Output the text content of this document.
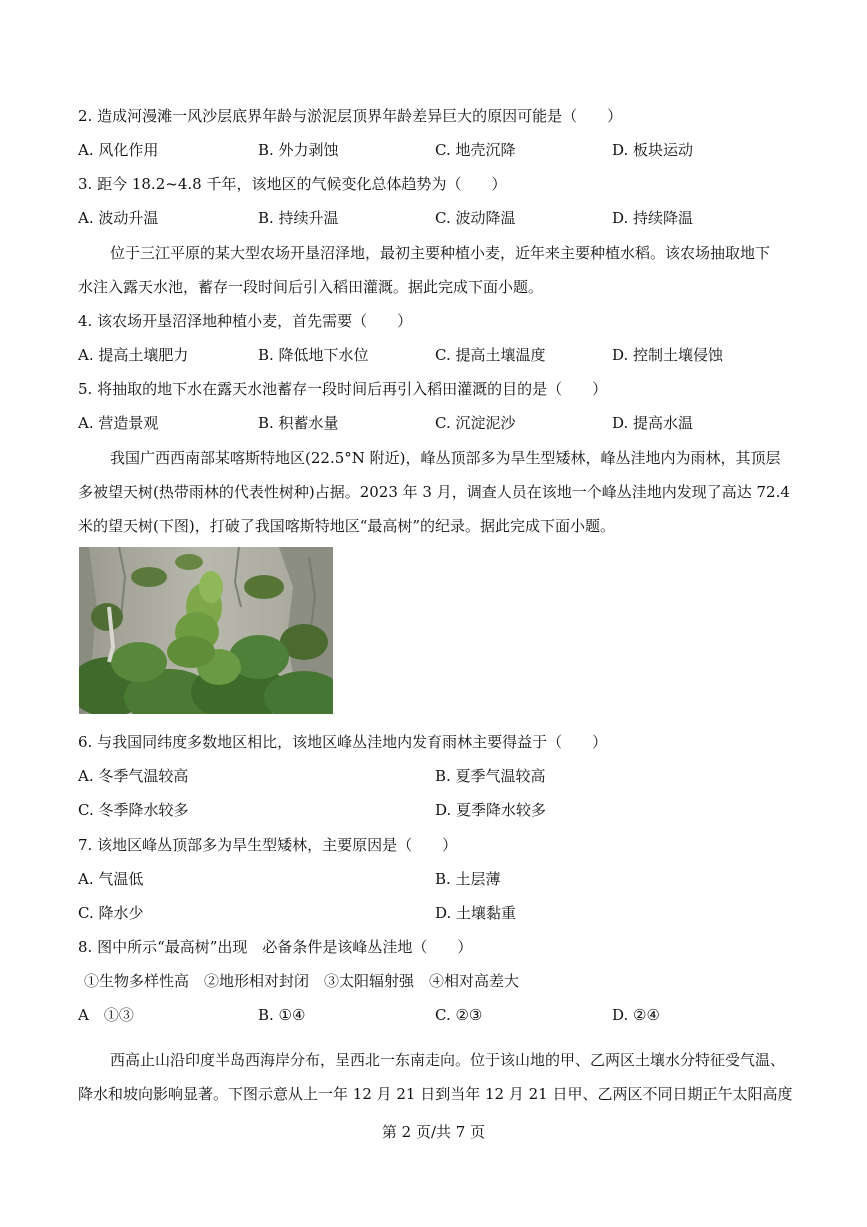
2. 造成河漫滩一风沙层底界年龄与淤泥层顶界年龄差异巨大的原因可能是（　　）
A. 风化作用	B. 外力剥蚀	C. 地壳沉降	D. 板块运动
3. 距今 18.2~4.8 千年，该地区的气候变化总体趋势为（　　）
A. 波动升温	B. 持续升温	C. 波动降温	D. 持续降温
位于三江平原的某大型农场开垦沼泽地，最初主要种植小麦，近年来主要种植水稻。该农场抽取地下
水注入露天水池，蓄存一段时间后引入稻田灌溉。据此完成下面小题。
4. 该农场开垦沼泽地种植小麦，首先需要（　　）
A. 提高土壤肥力	B. 降低地下水位	C. 提高土壤温度	D. 控制土壤侵蚀
5. 将抽取的地下水在露天水池蓄存一段时间后再引入稻田灌溉的目的是（　　）
A. 营造景观	B. 积蓄水量	C. 沉淀泥沙	D. 提高水温
我国广西西南部某喀斯特地区(22.5°N 附近)，峰丛顶部多为旱生型矮林，峰丛洼地内为雨林，其顶层
多被望天树(热带雨林的代表性树种)占据。2023 年 3 月，调查人员在该地一个峰丛洼地内发现了高达 72.4
米的望天树(下图)，打破了我国喀斯特地区“最高树”的纪录。据此完成下面小题。
6. 与我国同纬度多数地区相比，该地区峰丛洼地内发育雨林主要得益于（　　）
A. 冬季气温较高	B. 夏季气温较高
C. 冬季降水较多	D. 夏季降水较多
7. 该地区峰丛顶部多为旱生型矮林，主要原因是（　　）
A. 气温低	B. 土层薄
C. 降水少	D. 土壤黏重
8. 图中所示“最高树”出现　必备条件是该峰丛洼地（　　）
①生物多样性高　②地形相对封闭　③太阳辐射强　④相对高差大
A　①③	B. ①④	C. ②③	D. ②④
西高止山沿印度半岛西海岸分布，呈西北一东南走向。位于该山地的甲、乙两区土壤水分特征受气温、
降水和坡向影响显著。下图示意从上一年 12 月 21 日到当年 12 月 21 日甲、乙两区不同日期正午太阳高度
第 2 页/共 7 页
